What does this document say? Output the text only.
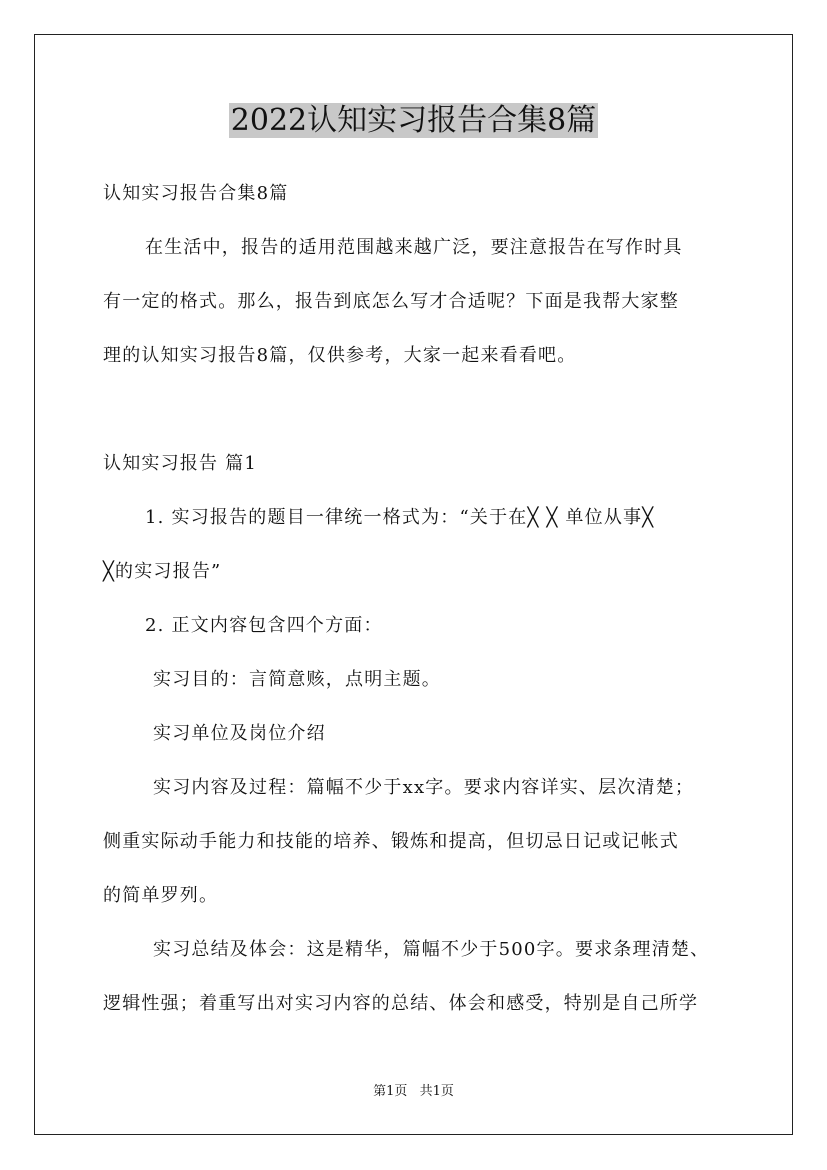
2022认知实习报告合集8篇
认知实习报告合集8篇
在生活中，报告的适用范围越来越广泛，要注意报告在写作时具
有一定的格式。那么，报告到底怎么写才合适呢？下面是我帮大家整
理的认知实习报告8篇，仅供参考，大家一起来看看吧。
认知实习报告 篇1
1. 实习报告的题目一律统一格式为：“关于在╳ ╳ 单位从事╳
╳的实习报告”
2. 正文内容包含四个方面：
实习目的：言简意赅，点明主题。
实习单位及岗位介绍
实习内容及过程：篇幅不少于xx字。要求内容详实、层次清楚；
侧重实际动手能力和技能的培养、锻炼和提高，但切忌日记或记帐式
的简单罗列。
实习总结及体会：这是精华，篇幅不少于500字。要求条理清楚、
逻辑性强；着重写出对实习内容的总结、体会和感受，特别是自己所学
第1页 共1页
